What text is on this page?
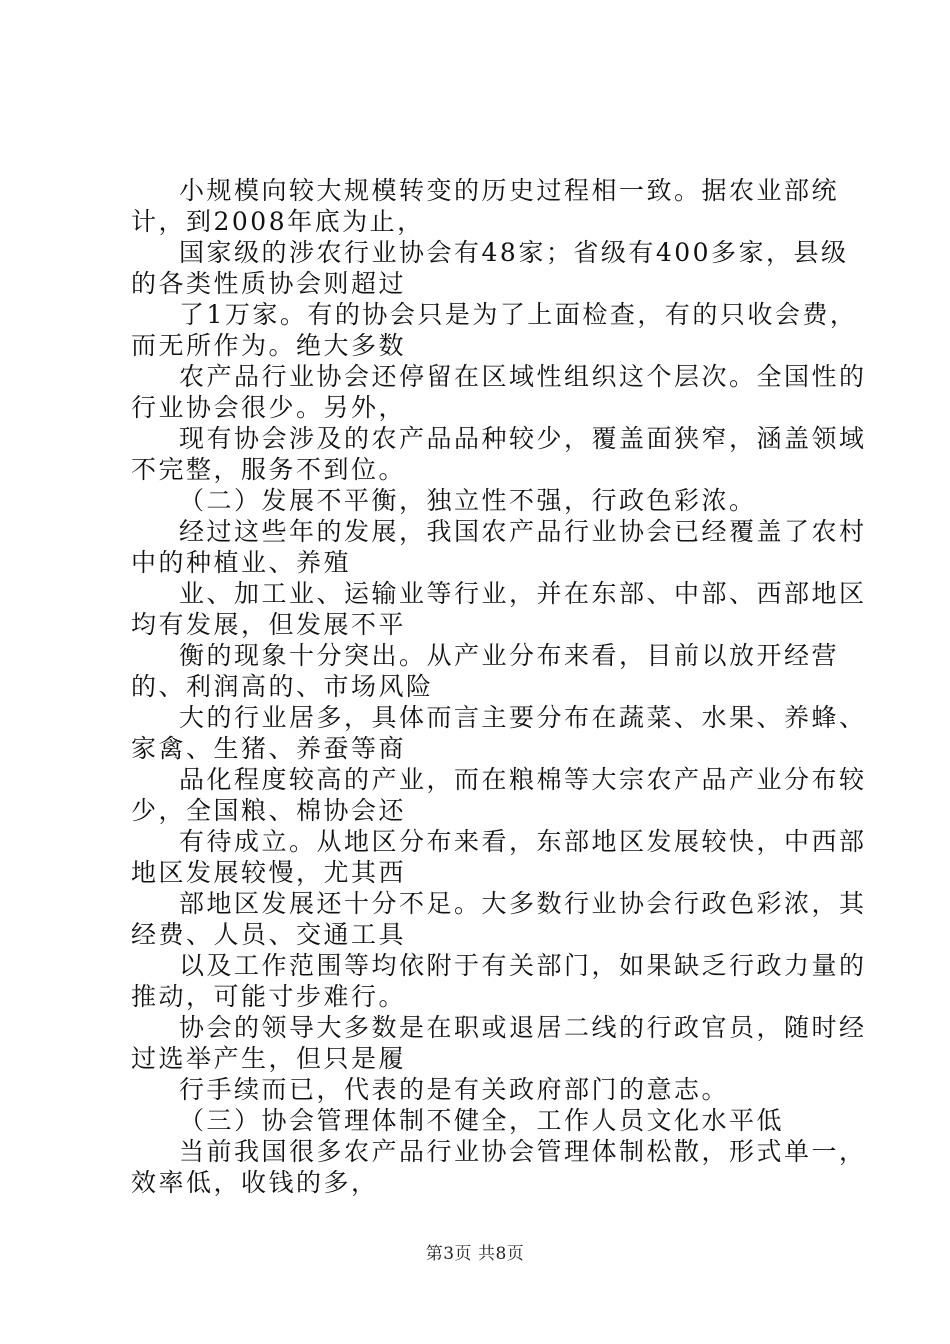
小规模向较大规模转变的历史过程相一致。据农业部统计，到2008年底为止，

国家级的涉农行业协会有48家；省级有400多家，县级的各类性质协会则超过

了1万家。有的协会只是为了上面检查，有的只收会费，而无所作为。绝大多数

农产品行业协会还停留在区域性组织这个层次。全国性的行业协会很少。另外，

现有协会涉及的农产品品种较少，覆盖面狭窄，涵盖领域不完整，服务不到位。

（二）发展不平衡，独立性不强，行政色彩浓。

经过这些年的发展，我国农产品行业协会已经覆盖了农村中的种植业、养殖

业、加工业、运输业等行业，并在东部、中部、西部地区均有发展，但发展不平

衡的现象十分突出。从产业分布来看，目前以放开经营的、利润高的、市场风险

大的行业居多，具体而言主要分布在蔬菜、水果、养蜂、家禽、生猪、养蚕等商

品化程度较高的产业，而在粮棉等大宗农产品产业分布较少，全国粮、棉协会还

有待成立。从地区分布来看，东部地区发展较快，中西部地区发展较慢，尤其西

部地区发展还十分不足。大多数行业协会行政色彩浓，其经费、人员、交通工具

以及工作范围等均依附于有关部门，如果缺乏行政力量的推动，可能寸步难行。

协会的领导大多数是在职或退居二线的行政官员，随时经过选举产生，但只是履

行手续而已，代表的是有关政府部门的意志。

（三）协会管理体制不健全，工作人员文化水平低

当前我国很多农产品行业协会管理体制松散，形式单一，效率低，收钱的多，

第3页 共8页
